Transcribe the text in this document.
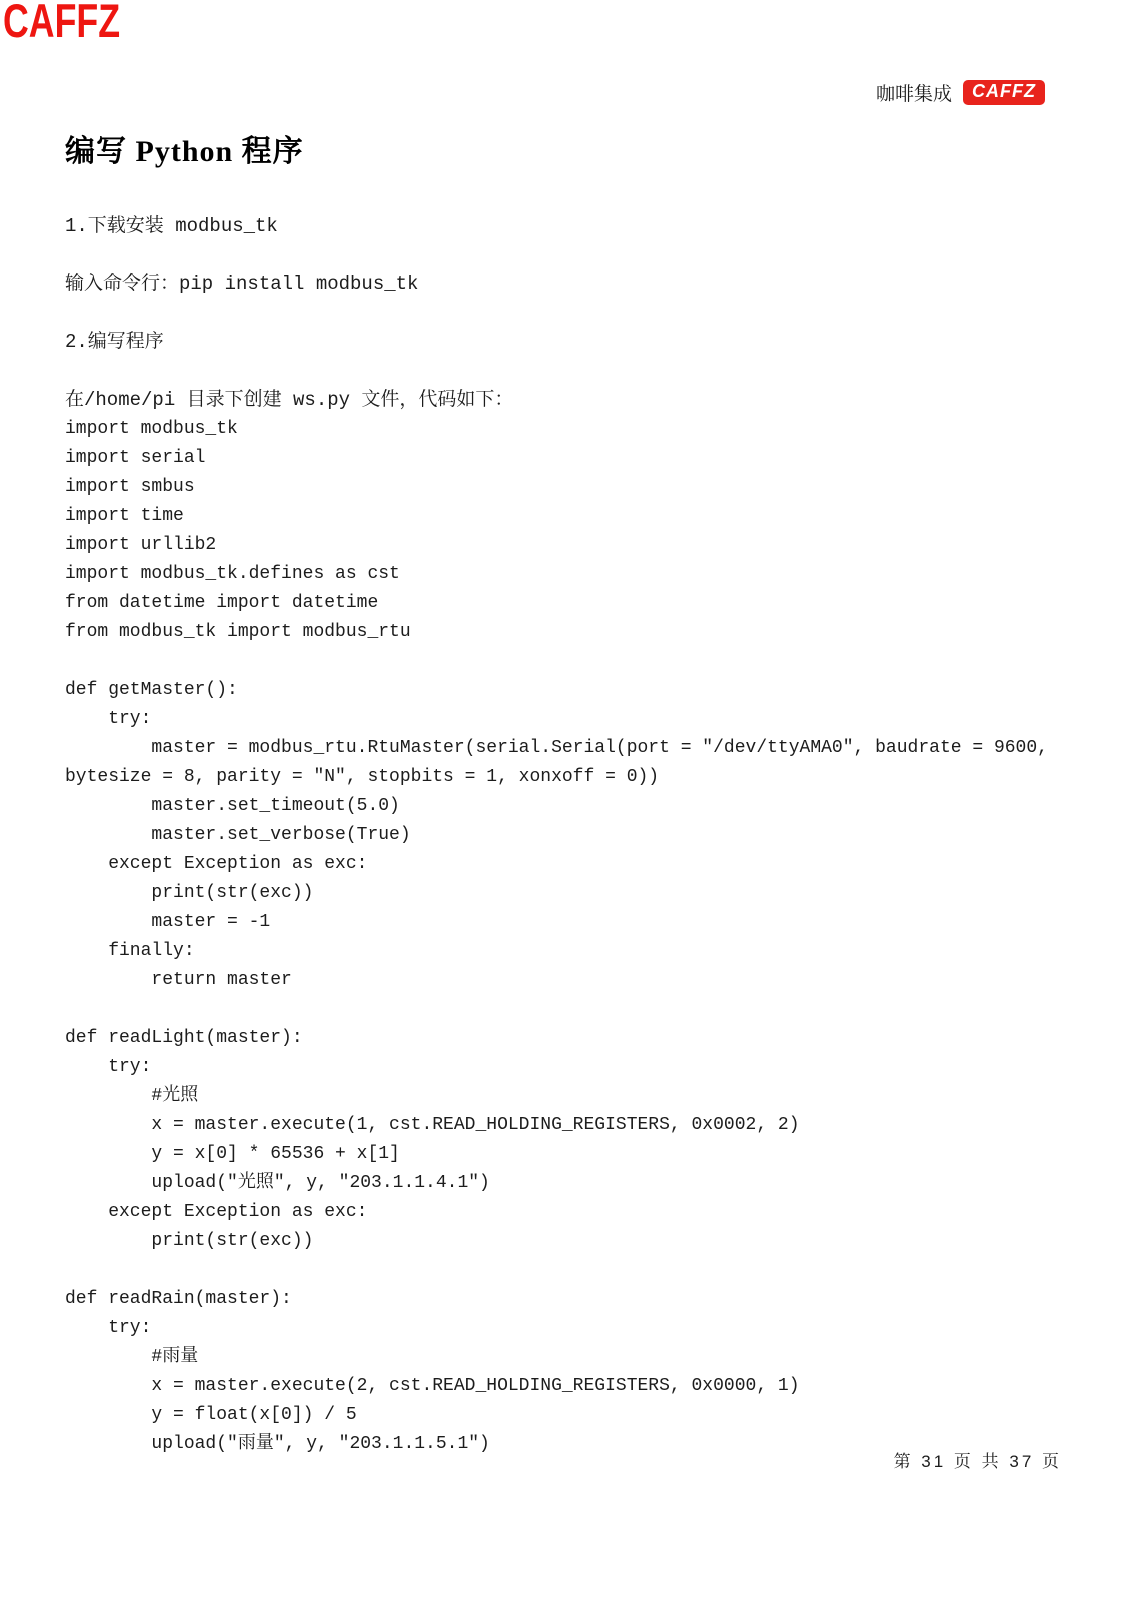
CAFFZ
咖啡集成	CAFFZ
编写 Python 程序
1.下载安装 modbus_tk
输入命令行：pip install modbus_tk
2.编写程序
在/home/pi 目录下创建 ws.py 文件，代码如下：
import modbus_tk
import serial
import smbus
import time
import urllib2
import modbus_tk.defines as cst
from datetime import datetime
from modbus_tk import modbus_rtu

def getMaster():
try:
master = modbus_rtu.RtuMaster(serial.Serial(port = "/dev/ttyAMA0", baudrate = 9600,
bytesize = 8, parity = "N", stopbits = 1, xonxoff = 0))
master.set_timeout(5.0)
master.set_verbose(True)
except Exception as exc:
print(str(exc))
master = -1
finally:
return master

def readLight(master):
try:
#光照
x = master.execute(1, cst.READ_HOLDING_REGISTERS, 0x0002, 2)
y = x[0] * 65536 + x[1]
upload("光照", y, "203.1.1.4.1")
except Exception as exc:
print(str(exc))

def readRain(master):
try:
#雨量
x = master.execute(2, cst.READ_HOLDING_REGISTERS, 0x0000, 1)
y = float(x[0]) / 5
upload("雨量", y, "203.1.1.5.1")
第 31 页 共 37 页
